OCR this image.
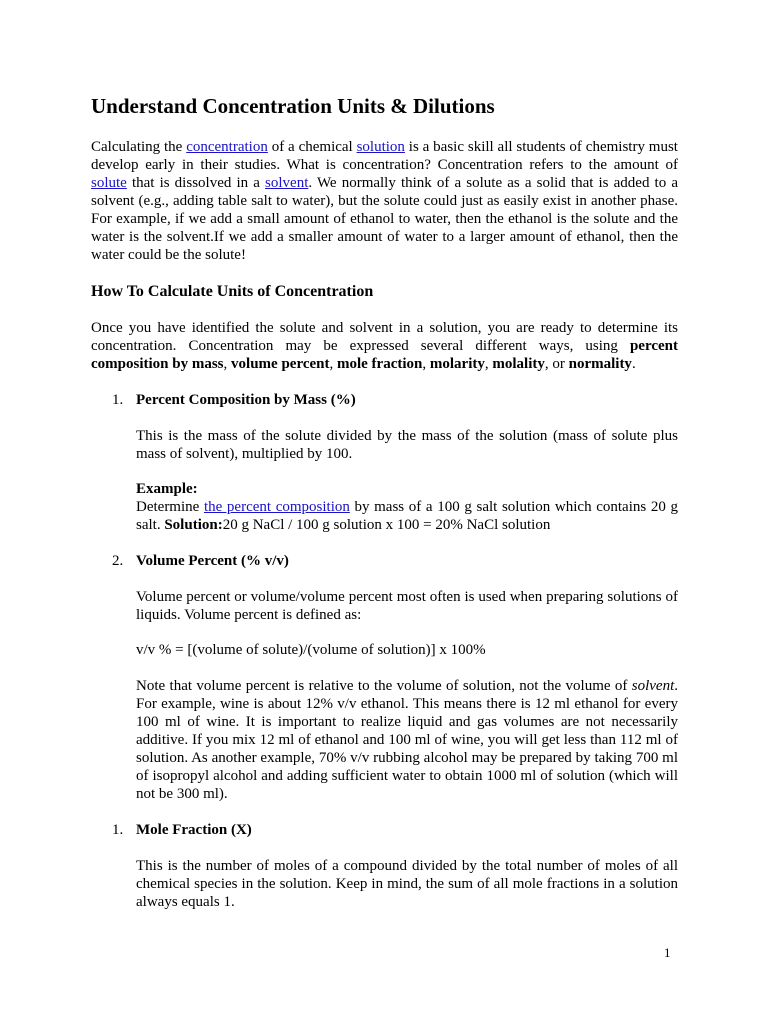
Understand Concentration Units & Dilutions

Calculating the concentration of a chemical solution is a basic skill all students of chemistry must develop early in their studies. What is concentration? Concentration refers to the amount of solute that is dissolved in a solvent. We normally think of a solute as a solid that is added to a solvent (e.g., adding table salt to water), but the solute could just as easily exist in another phase. For example, if we add a small amount of ethanol to water, then the ethanol is the solute and the water is the solvent.If we add a smaller amount of water to a larger amount of ethanol, then the water could be the solute!

How To Calculate Units of Concentration

Once you have identified the solute and solvent in a solution, you are ready to determine its concentration. Concentration may be expressed several different ways, using percent composition by mass, volume percent, mole fraction, molarity, molality, or normality.

1. Percent Composition by Mass (%)

This is the mass of the solute divided by the mass of the solution (mass of solute plus mass of solvent), multiplied by 100.

Example:
Determine the percent composition by mass of a 100 g salt solution which contains 20 g salt. Solution:20 g NaCl / 100 g solution x 100 = 20% NaCl solution

2. Volume Percent (% v/v)

Volume percent or volume/volume percent most often is used when preparing solutions of liquids. Volume percent is defined as:

v/v % = [(volume of solute)/(volume of solution)] x 100%

Note that volume percent is relative to the volume of solution, not the volume of solvent. For example, wine is about 12% v/v ethanol. This means there is 12 ml ethanol for every 100 ml of wine. It is important to realize liquid and gas volumes are not necessarily additive. If you mix 12 ml of ethanol and 100 ml of wine, you will get less than 112 ml of solution. As another example, 70% v/v rubbing alcohol may be prepared by taking 700 ml of isopropyl alcohol and adding sufficient water to obtain 1000 ml of solution (which will not be 300 ml).

1. Mole Fraction (X)

This is the number of moles of a compound divided by the total number of moles of all chemical species in the solution. Keep in mind, the sum of all mole fractions in a solution always equals 1.

1
